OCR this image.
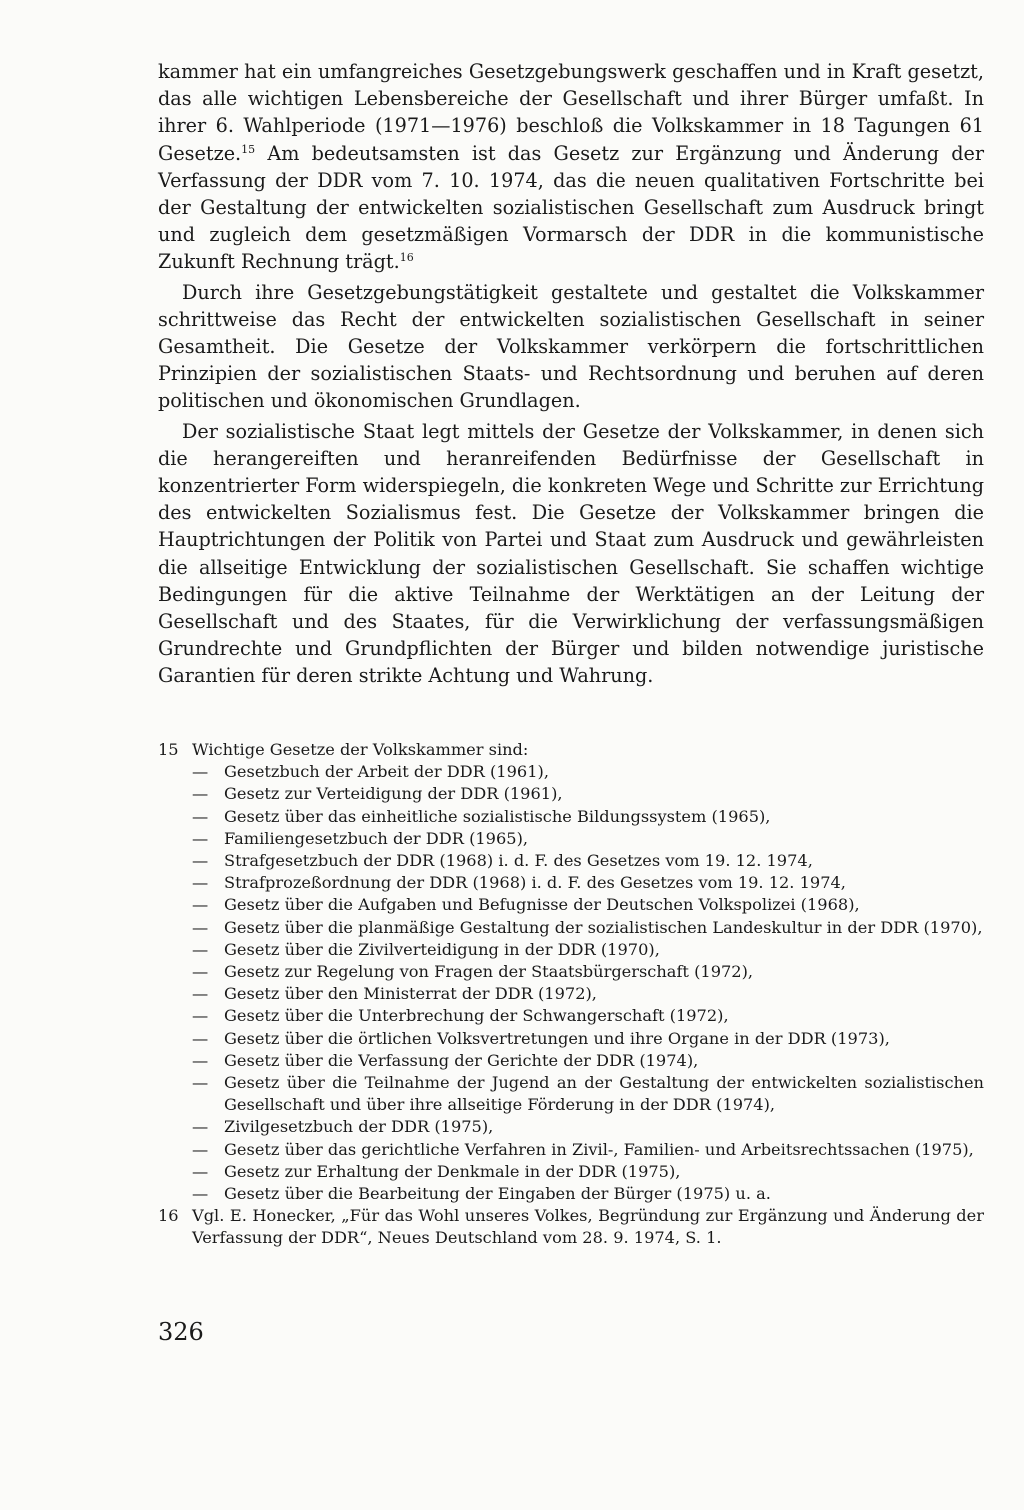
kammer hat ein umfangreiches Gesetzgebungswerk geschaffen und in Kraft gesetzt, das alle wichtigen Lebensbereiche der Gesellschaft und ihrer Bürger umfaßt. In ihrer 6. Wahlperiode (1971—1976) beschloß die Volkskammer in 18 Tagungen 61 Gesetze.$^{15}$ Am bedeutsamsten ist das Gesetz zur Ergänzung und Änderung der Verfassung der DDR vom 7. 10. 1974, das die neuen qualitativen Fortschritte bei der Gestaltung der entwickelten sozialistischen Gesellschaft zum Ausdruck bringt und zugleich dem gesetzmäßigen Vormarsch der DDR in die kommunistische Zukunft Rechnung trägt.$^{16}$

Durch ihre Gesetzgebungstätigkeit gestaltete und gestaltet die Volkskammer schrittweise das Recht der entwickelten sozialistischen Gesellschaft in seiner Gesamtheit. Die Gesetze der Volkskammer verkörpern die fortschrittlichen Prinzipien der sozialistischen Staats- und Rechtsordnung und beruhen auf deren politischen und ökonomischen Grundlagen.

Der sozialistische Staat legt mittels der Gesetze der Volkskammer, in denen sich die herangereiften und heranreifenden Bedürfnisse der Gesellschaft in konzentrierter Form widerspiegeln, die konkreten Wege und Schritte zur Errichtung des entwickelten Sozialismus fest. Die Gesetze der Volkskammer bringen die Hauptrichtungen der Politik von Partei und Staat zum Ausdruck und gewährleisten die allseitige Entwicklung der sozialistischen Gesellschaft. Sie schaffen wichtige Bedingungen für die aktive Teilnahme der Werktätigen an der Leitung der Gesellschaft und des Staates, für die Verwirklichung der verfassungsmäßigen Grundrechte und Grundpflichten der Bürger und bilden notwendige juristische Garantien für deren strikte Achtung und Wahrung.

15 Wichtige Gesetze der Volkskammer sind:
— Gesetzbuch der Arbeit der DDR (1961),
— Gesetz zur Verteidigung der DDR (1961),
— Gesetz über das einheitliche sozialistische Bildungssystem (1965),
— Familiengesetzbuch der DDR (1965),
— Strafgesetzbuch der DDR (1968) i. d. F. des Gesetzes vom 19. 12. 1974,
— Strafprozeßordnung der DDR (1968) i. d. F. des Gesetzes vom 19. 12. 1974,
— Gesetz über die Aufgaben und Befugnisse der Deutschen Volkspolizei (1968),
— Gesetz über die planmäßige Gestaltung der sozialistischen Landeskultur in der DDR (1970),
— Gesetz über die Zivilverteidigung in der DDR (1970),
— Gesetz zur Regelung von Fragen der Staatsbürgerschaft (1972),
— Gesetz über den Ministerrat der DDR (1972),
— Gesetz über die Unterbrechung der Schwangerschaft (1972),
— Gesetz über die örtlichen Volksvertretungen und ihre Organe in der DDR (1973),
— Gesetz über die Verfassung der Gerichte der DDR (1974),
— Gesetz über die Teilnahme der Jugend an der Gestaltung der entwickelten sozialistischen Gesellschaft und über ihre allseitige Förderung in der DDR (1974),
— Zivilgesetzbuch der DDR (1975),
— Gesetz über das gerichtliche Verfahren in Zivil-, Familien- und Arbeitsrechtssachen (1975),
— Gesetz zur Erhaltung der Denkmale in der DDR (1975),
— Gesetz über die Bearbeitung der Eingaben der Bürger (1975) u. a.
16 Vgl. E. Honecker, „Für das Wohl unseres Volkes, Begründung zur Ergänzung und Änderung der Verfassung der DDR“, Neues Deutschland vom 28. 9. 1974, S. 1.
326
